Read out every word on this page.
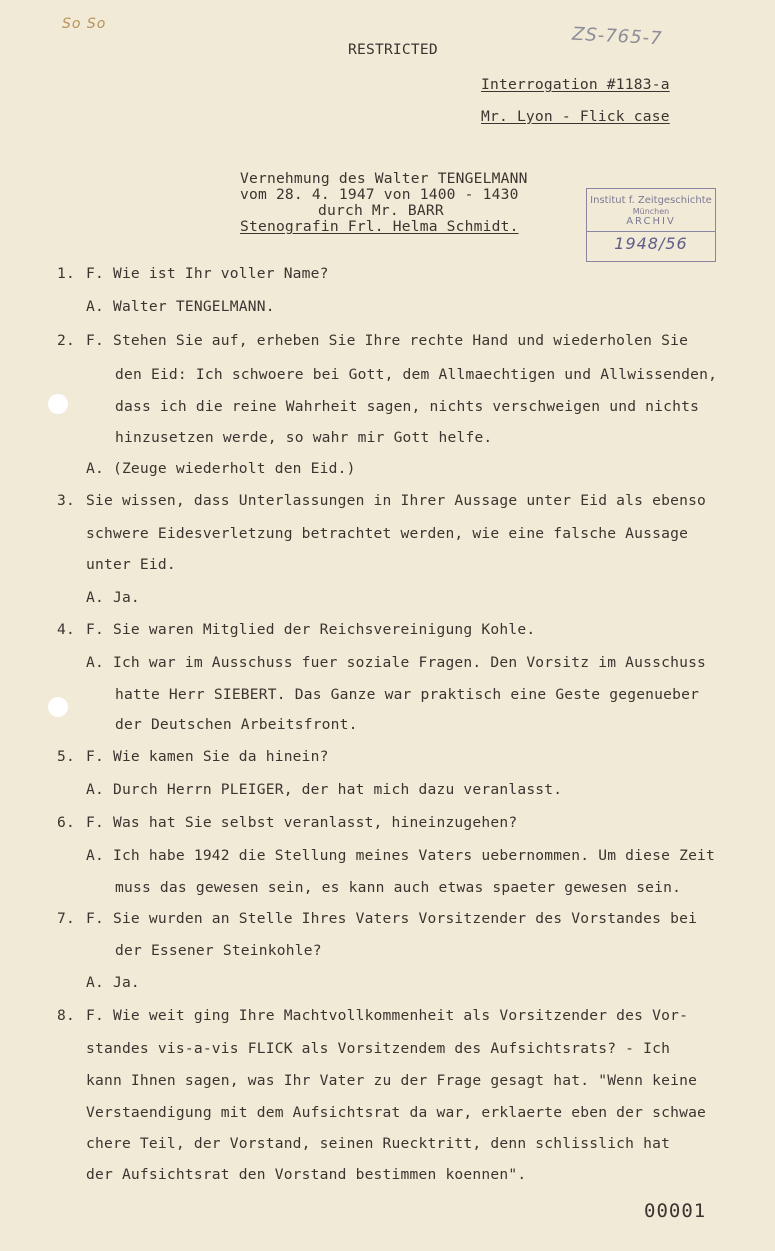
So So
RESTRICTED
ZS-765-7
Interrogation #1183-a
Mr. Lyon - Flick case
Vernehmung des Walter TENGELMANN
vom 28. 4. 1947 von 1400 - 1430
durch Mr. BARR
Stenografin Frl. Helma Schmidt.
Institut f. Zeitgeschichte
München
ARCHIV
1948/56
1. F. Wie ist Ihr voller Name?
A. Walter TENGELMANN.
2. F. Stehen Sie auf, erheben Sie Ihre rechte Hand und wiederholen Sie
den Eid: Ich schwoere bei Gott, dem Allmaechtigen und Allwissenden,
dass ich die reine Wahrheit sagen, nichts verschweigen und nichts
hinzusetzen werde, so wahr mir Gott helfe.
A. (Zeuge wiederholt den Eid.)
3. Sie wissen, dass Unterlassungen in Ihrer Aussage unter Eid als ebenso
schwere Eidesverletzung betrachtet werden, wie eine falsche Aussage
unter Eid.
A. Ja.
4. F. Sie waren Mitglied der Reichsvereinigung Kohle.
A. Ich war im Ausschuss fuer soziale Fragen. Den Vorsitz im Ausschuss
hatte Herr SIEBERT. Das Ganze war praktisch eine Geste gegenueber
der Deutschen Arbeitsfront.
5. F. Wie kamen Sie da hinein?
A. Durch Herrn PLEIGER, der hat mich dazu veranlasst.
6. F. Was hat Sie selbst veranlasst, hineinzugehen?
A. Ich habe 1942 die Stellung meines Vaters uebernommen. Um diese Zeit
muss das gewesen sein, es kann auch etwas spaeter gewesen sein.
7. F. Sie wurden an Stelle Ihres Vaters Vorsitzender des Vorstandes bei
der Essener Steinkohle?
A. Ja.
8. F. Wie weit ging Ihre Machtvollkommenheit als Vorsitzender des Vor-
standes vis-a-vis FLICK als Vorsitzendem des Aufsichtsrats? - Ich
kann Ihnen sagen, was Ihr Vater zu der Frage gesagt hat. "Wenn keine
Verstaendigung mit dem Aufsichtsrat da war, erklaerte eben der schwae
chere Teil, der Vorstand, seinen Ruecktritt, denn schlisslich hat
der Aufsichtsrat den Vorstand bestimmen koennen".
00001
